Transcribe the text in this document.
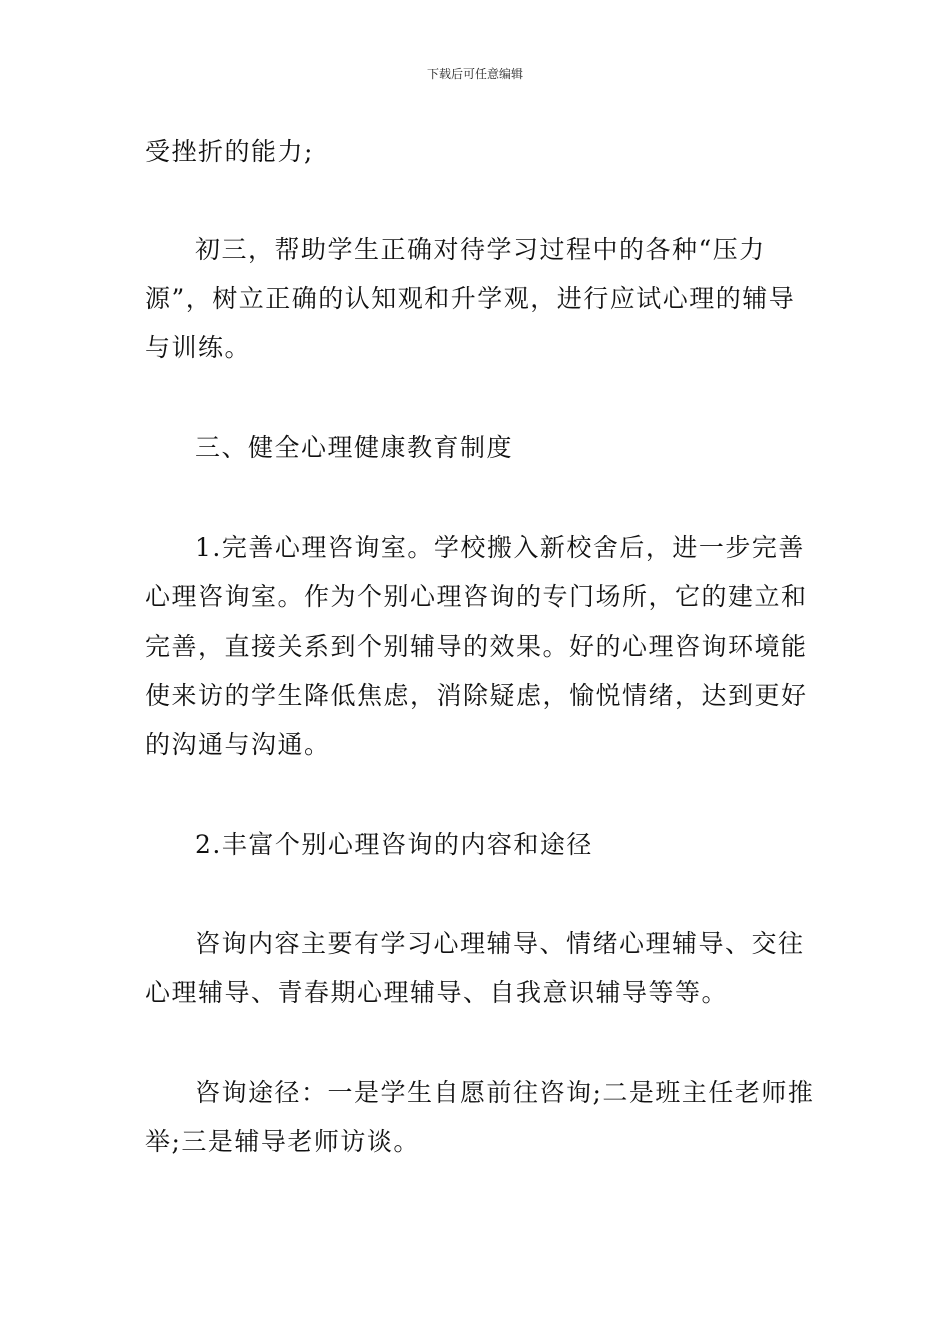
下载后可任意编辑
受挫折的能力;
初三，帮助学生正确对待学习过程中的各种“压力
源”，树立正确的认知观和升学观，进行应试心理的辅导
与训练。
三、健全心理健康教育制度
1.完善心理咨询室。学校搬入新校舍后，进一步完善
心理咨询室。作为个别心理咨询的专门场所，它的建立和
完善，直接关系到个别辅导的效果。好的心理咨询环境能
使来访的学生降低焦虑，消除疑虑，愉悦情绪，达到更好
的沟通与沟通。
2.丰富个别心理咨询的内容和途径
咨询内容主要有学习心理辅导、情绪心理辅导、交往
心理辅导、青春期心理辅导、自我意识辅导等等。
咨询途径：一是学生自愿前往咨询;二是班主任老师推
举;三是辅导老师访谈。
